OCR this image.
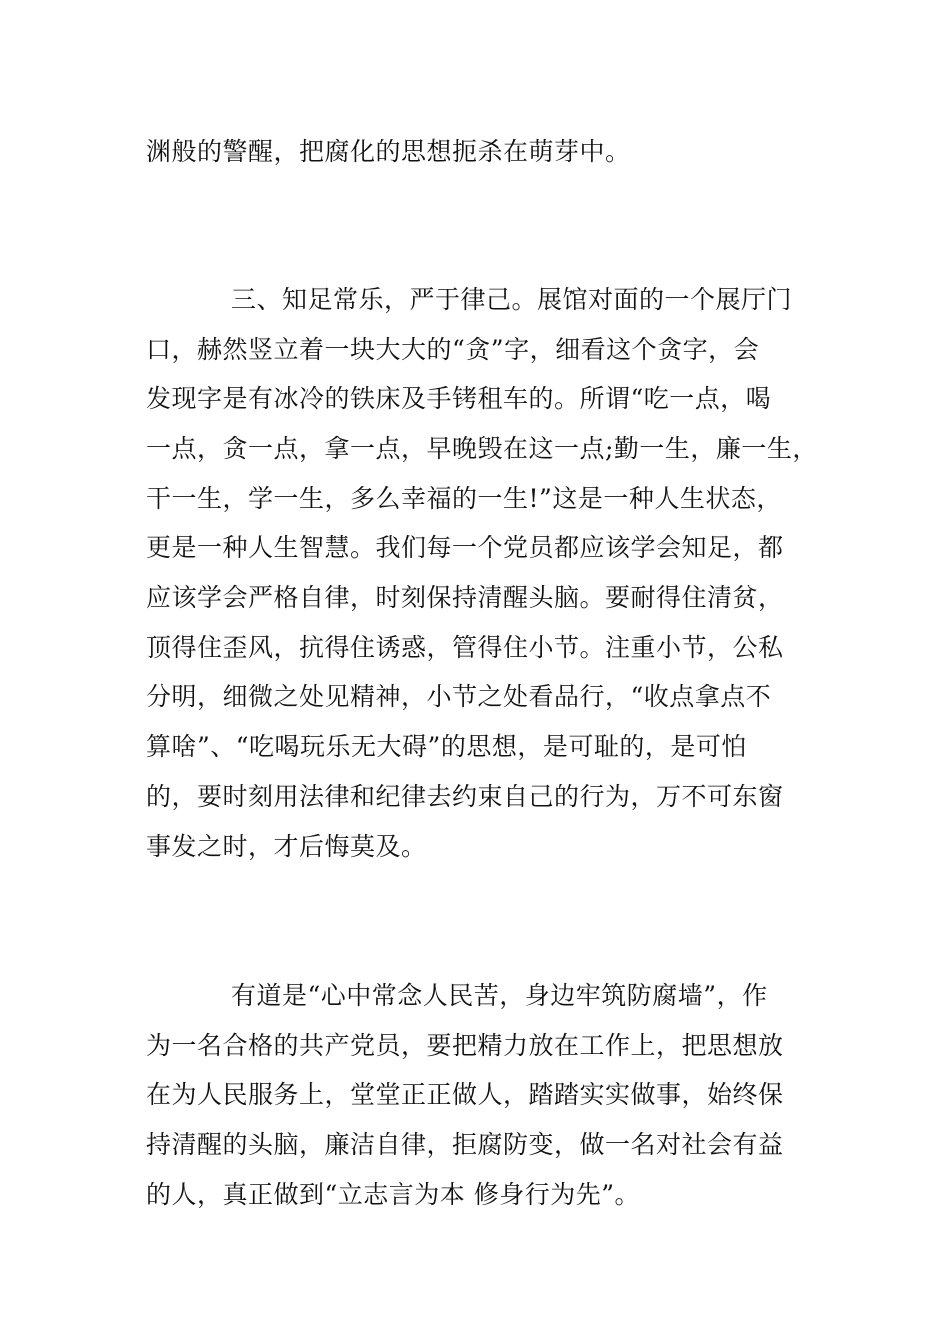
渊般的警醒，把腐化的思想扼杀在萌芽中。
三、知足常乐，严于律己。展馆对面的一个展厅门
口，赫然竖立着一块大大的“贪”字，细看这个贪字，会
发现字是有冰冷的铁床及手铐租车的。所谓“吃一点，喝
一点，贪一点，拿一点，早晚毁在这一点;勤一生，廉一生，
干一生，学一生，多么幸福的一生!”这是一种人生状态，
更是一种人生智慧。我们每一个党员都应该学会知足，都
应该学会严格自律，时刻保持清醒头脑。要耐得住清贫，
顶得住歪风，抗得住诱惑，管得住小节。注重小节，公私
分明，细微之处见精神，小节之处看品行，“收点拿点不
算啥”、“吃喝玩乐无大碍”的思想，是可耻的，是可怕
的，要时刻用法律和纪律去约束自己的行为，万不可东窗
事发之时，才后悔莫及。
有道是“心中常念人民苦，身边牢筑防腐墙”，作
为一名合格的共产党员，要把精力放在工作上，把思想放
在为人民服务上，堂堂正正做人，踏踏实实做事，始终保
持清醒的头脑，廉洁自律，拒腐防变，做一名对社会有益
的人，真正做到“立志言为本 修身行为先”。
